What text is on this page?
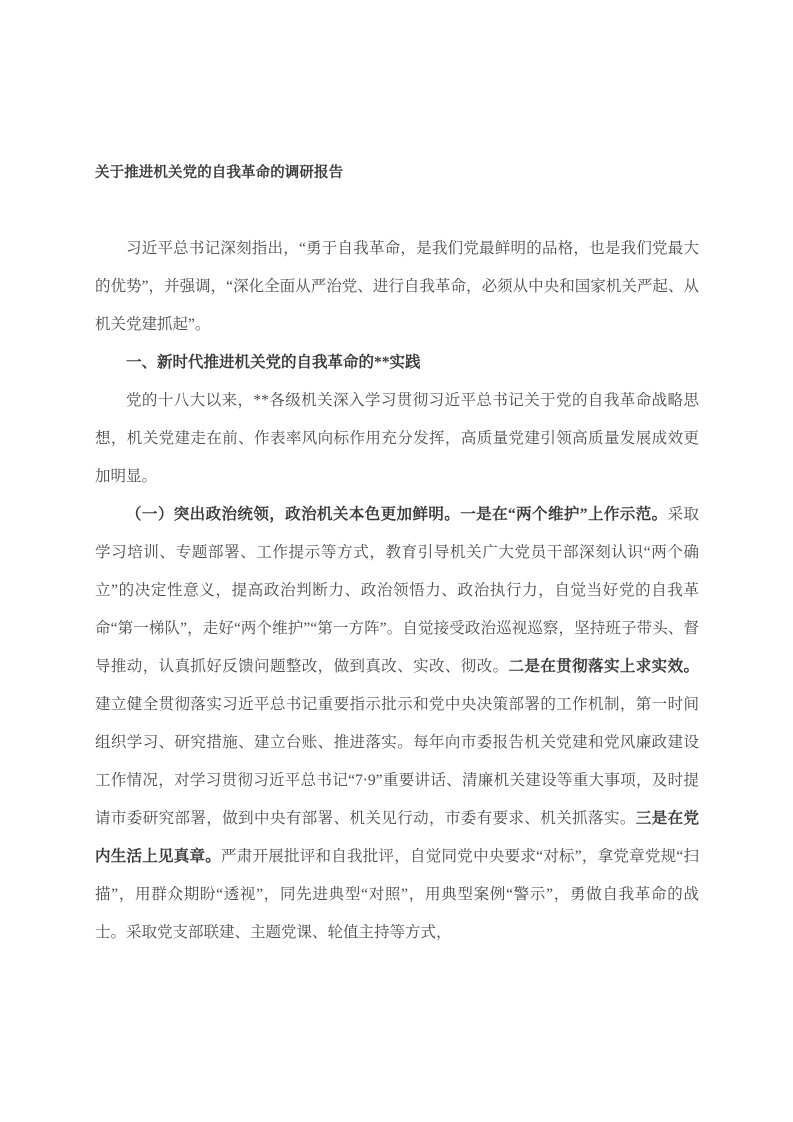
关于推进机关党的自我革命的调研报告

习近平总书记深刻指出，“勇于自我革命，是我们党最鲜明的品格，也是我们党最大的优势”，并强调，“深化全面从严治党、进行自我革命，必须从中央和国家机关严起、从机关党建抓起”。

一、新时代推进机关党的自我革命的**实践

党的十八大以来，**各级机关深入学习贯彻习近平总书记关于党的自我革命战略思想，机关党建走在前、作表率风向标作用充分发挥，高质量党建引领高质量发展成效更加明显。

（一）突出政治统领，政治机关本色更加鲜明。一是在“两个维护”上作示范。采取学习培训、专题部署、工作提示等方式，教育引导机关广大党员干部深刻认识“两个确立”的决定性意义，提高政治判断力、政治领悟力、政治执行力，自觉当好党的自我革命“第一梯队”，走好“两个维护”“第一方阵”。自觉接受政治巡视巡察，坚持班子带头、督导推动，认真抓好反馈问题整改，做到真改、实改、彻改。二是在贯彻落实上求实效。建立健全贯彻落实习近平总书记重要指示批示和党中央决策部署的工作机制，第一时间组织学习、研究措施、建立台账、推进落实。每年向市委报告机关党建和党风廉政建设工作情况，对学习贯彻习近平总书记“7·9”重要讲话、清廉机关建设等重大事项，及时提请市委研究部署，做到中央有部署、机关见行动，市委有要求、机关抓落实。三是在党内生活上见真章。严肃开展批评和自我批评，自觉同党中央要求“对标”，拿党章党规“扫描”，用群众期盼“透视”，同先进典型“对照”，用典型案例“警示”，勇做自我革命的战士。采取党支部联建、主题党课、轮值主持等方式，
